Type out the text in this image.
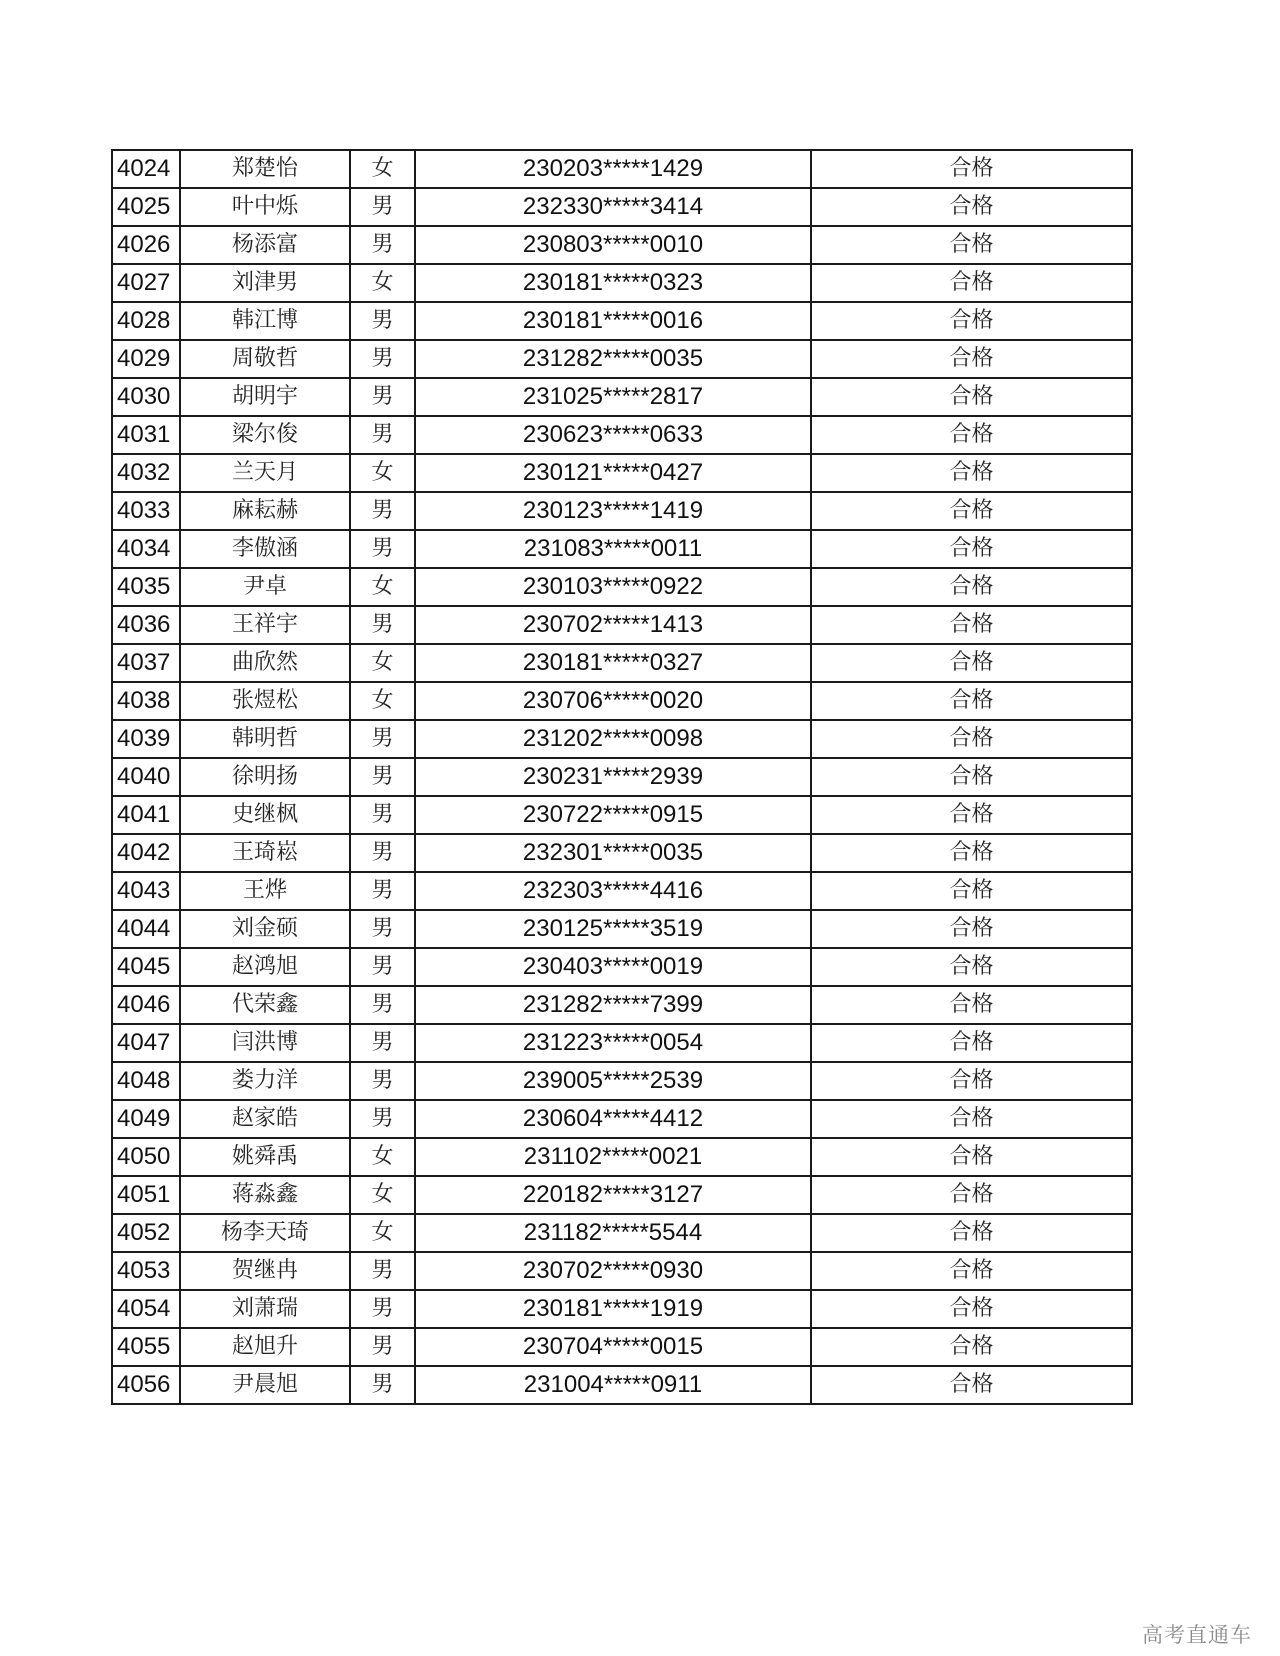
4024	郑楚怡	女	230203*****1429	合格
4025	叶中烁	男	232330*****3414	合格
4026	杨添富	男	230803*****0010	合格
4027	刘津男	女	230181*****0323	合格
4028	韩江博	男	230181*****0016	合格
4029	周敬哲	男	231282*****0035	合格
4030	胡明宇	男	231025*****2817	合格
4031	梁尔俊	男	230623*****0633	合格
4032	兰天月	女	230121*****0427	合格
4033	麻耘赫	男	230123*****1419	合格
4034	李傲涵	男	231083*****0011	合格
4035	尹卓	女	230103*****0922	合格
4036	王祥宇	男	230702*****1413	合格
4037	曲欣然	女	230181*****0327	合格
4038	张煜松	女	230706*****0020	合格
4039	韩明哲	男	231202*****0098	合格
4040	徐明扬	男	230231*****2939	合格
4041	史继枫	男	230722*****0915	合格
4042	王琦崧	男	232301*****0035	合格
4043	王烨	男	232303*****4416	合格
4044	刘金硕	男	230125*****3519	合格
4045	赵鸿旭	男	230403*****0019	合格
4046	代荣鑫	男	231282*****7399	合格
4047	闫洪博	男	231223*****0054	合格
4048	娄力洋	男	239005*****2539	合格
4049	赵家皓	男	230604*****4412	合格
4050	姚舜禹	女	231102*****0021	合格
4051	蒋淼鑫	女	220182*****3127	合格
4052	杨李天琦	女	231182*****5544	合格
4053	贺继冉	男	230702*****0930	合格
4054	刘萧瑞	男	230181*****1919	合格
4055	赵旭升	男	230704*****0015	合格
4056	尹晨旭	男	231004*****0911	合格
高考直通车
